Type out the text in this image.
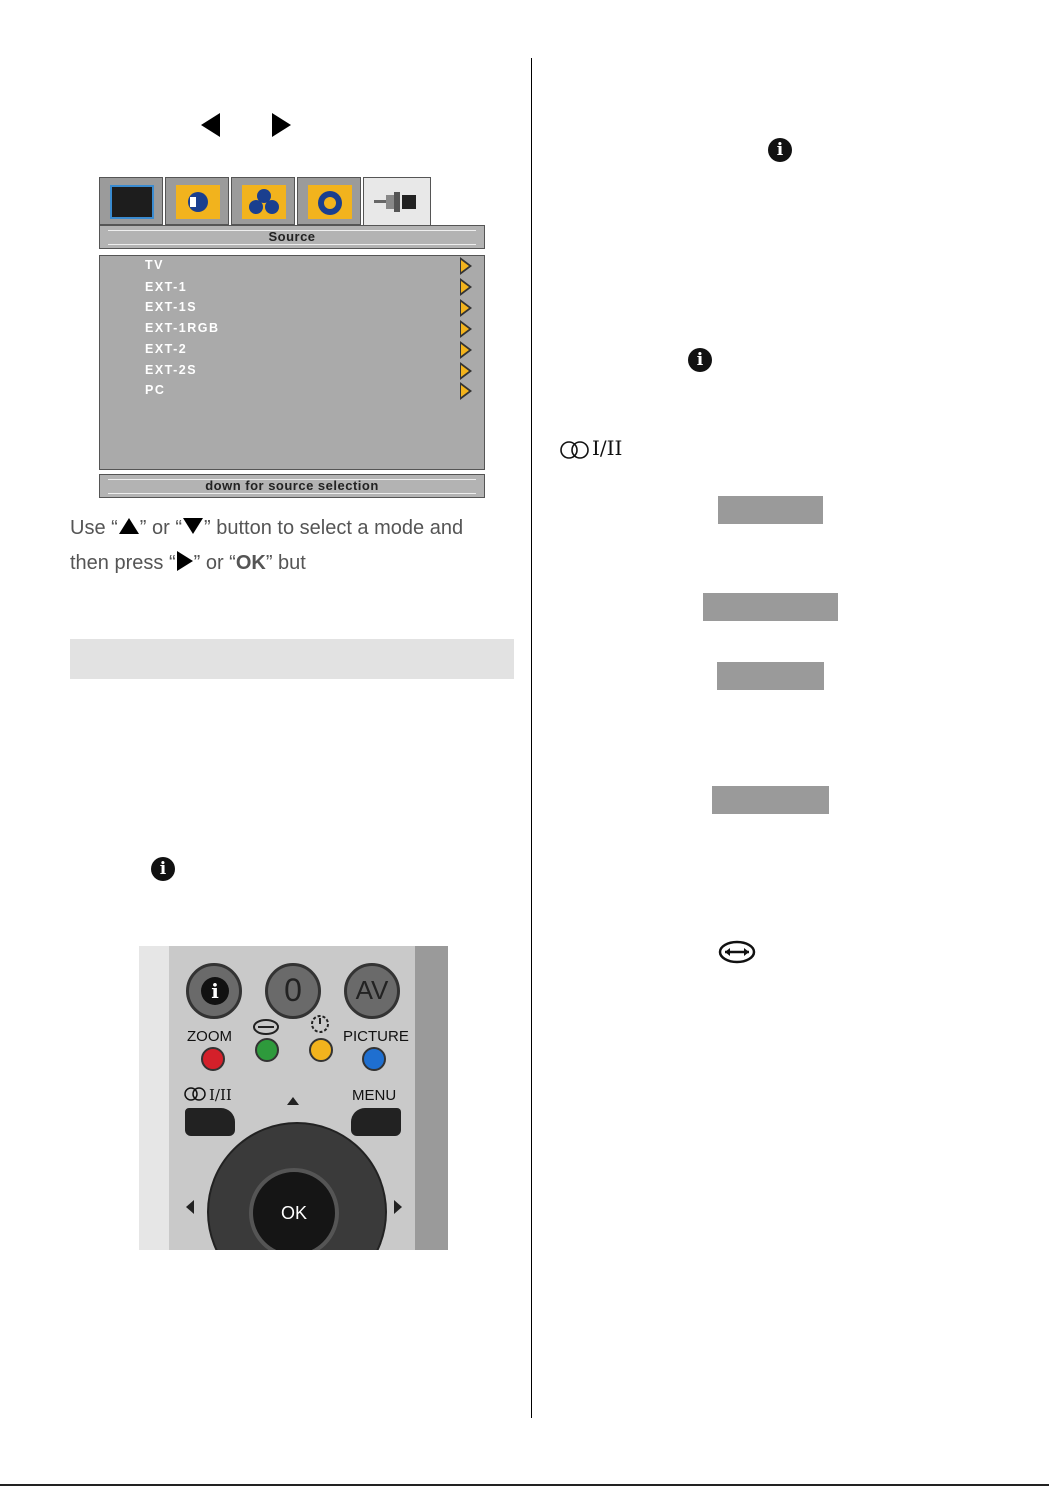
Source
TV
EXT-1
EXT-1S
EXT-1RGB
EXT-2
EXT-2S
PC
down for source selection
Use “ ” or “ ” button to select a mode and
then press “ ” or “OK” but
i
i	0	AV
ZOOM	PICTURE
I/II	MENU
OK
i
i
I/II
